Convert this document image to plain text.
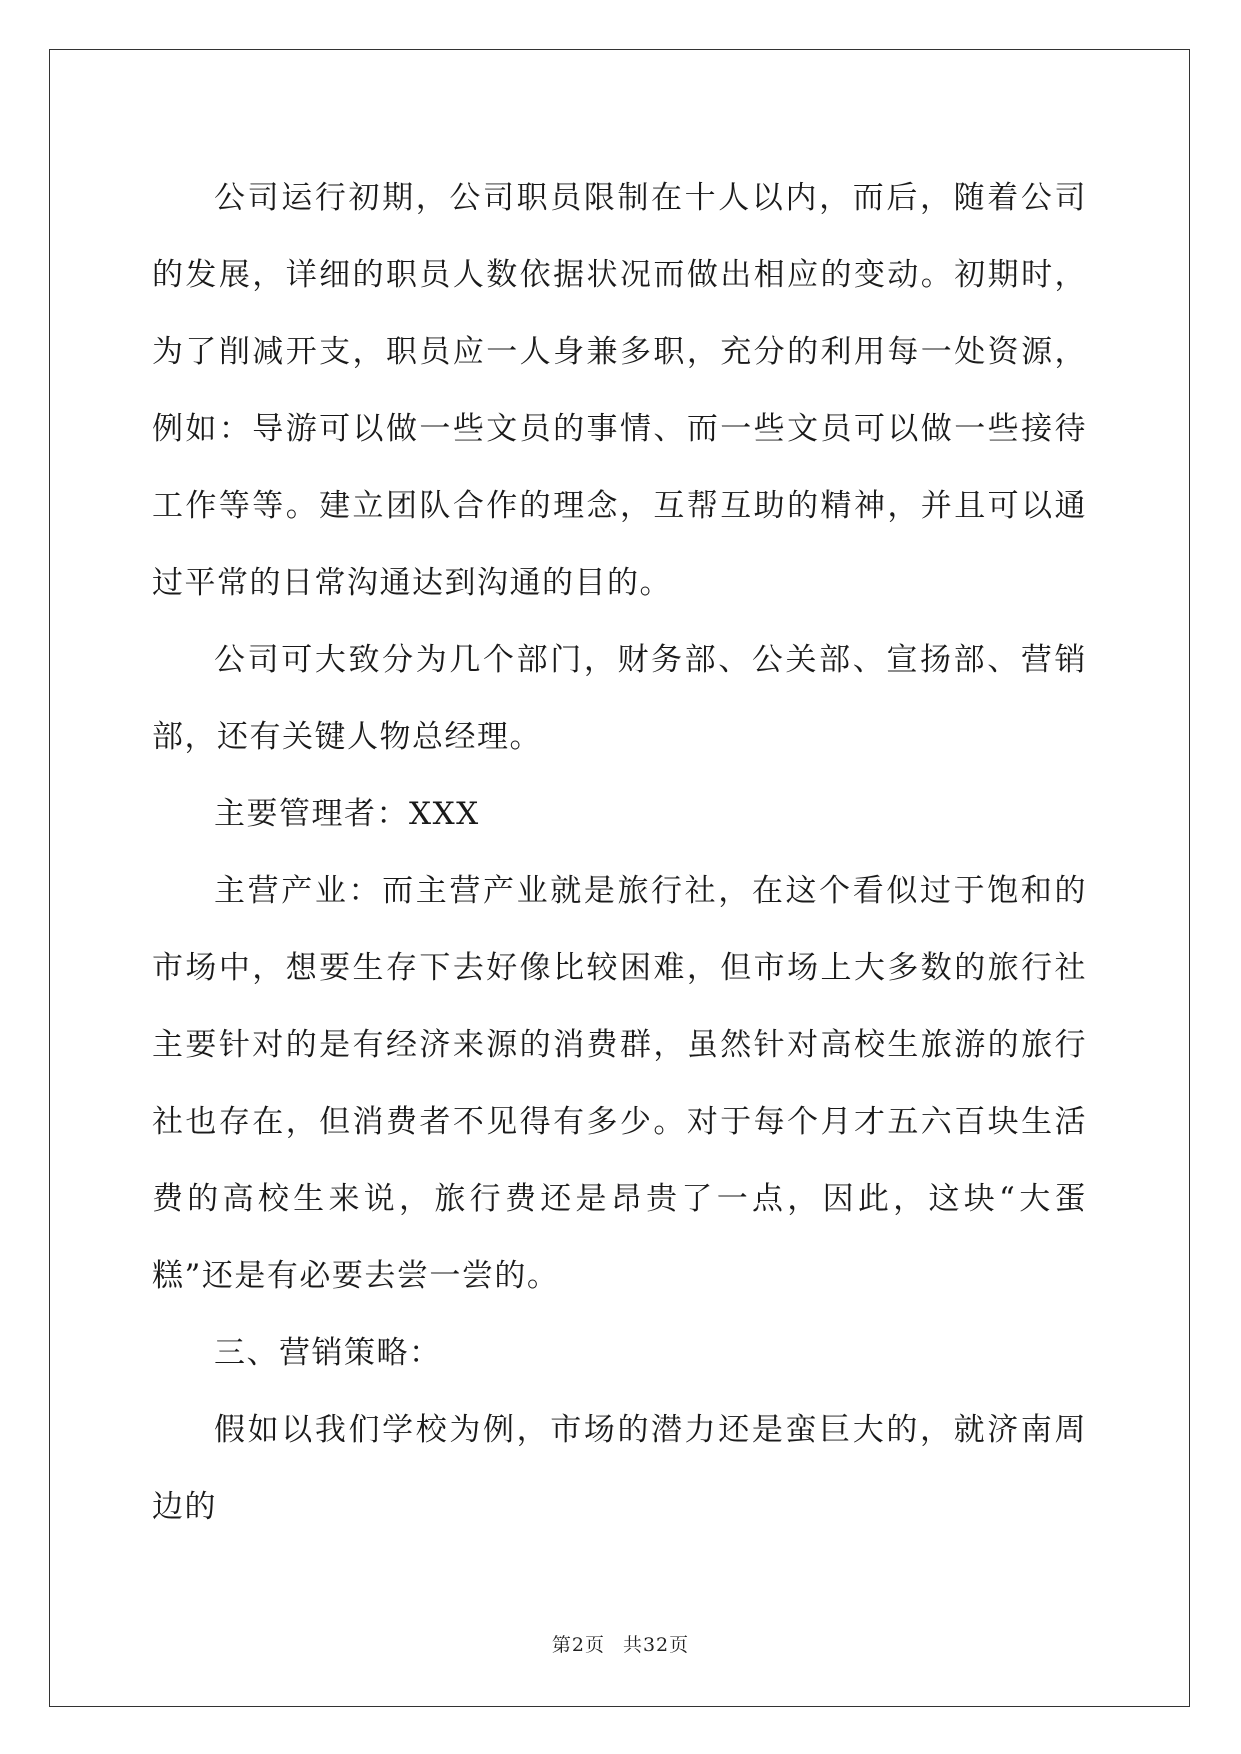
公司运行初期，公司职员限制在十人以内，而后，随着公司的发展，详细的职员人数依据状况而做出相应的变动。初期时，为了削减开支，职员应一人身兼多职，充分的利用每一处资源，例如：导游可以做一些文员的事情、而一些文员可以做一些接待工作等等。建立团队合作的理念，互帮互助的精神，并且可以通过平常的日常沟通达到沟通的目的。

公司可大致分为几个部门，财务部、公关部、宣扬部、营销部，还有关键人物总经理。

主要管理者：XXX

主营产业：而主营产业就是旅行社，在这个看似过于饱和的市场中，想要生存下去好像比较困难，但市场上大多数的旅行社主要针对的是有经济来源的消费群，虽然针对高校生旅游的旅行社也存在，但消费者不见得有多少。对于每个月才五六百块生活费的高校生来说，旅行费还是昂贵了一点，因此，这块“大蛋糕”还是有必要去尝一尝的。

三、营销策略：

假如以我们学校为例，市场的潜力还是蛮巨大的，就济南周边的

第2页 共32页
